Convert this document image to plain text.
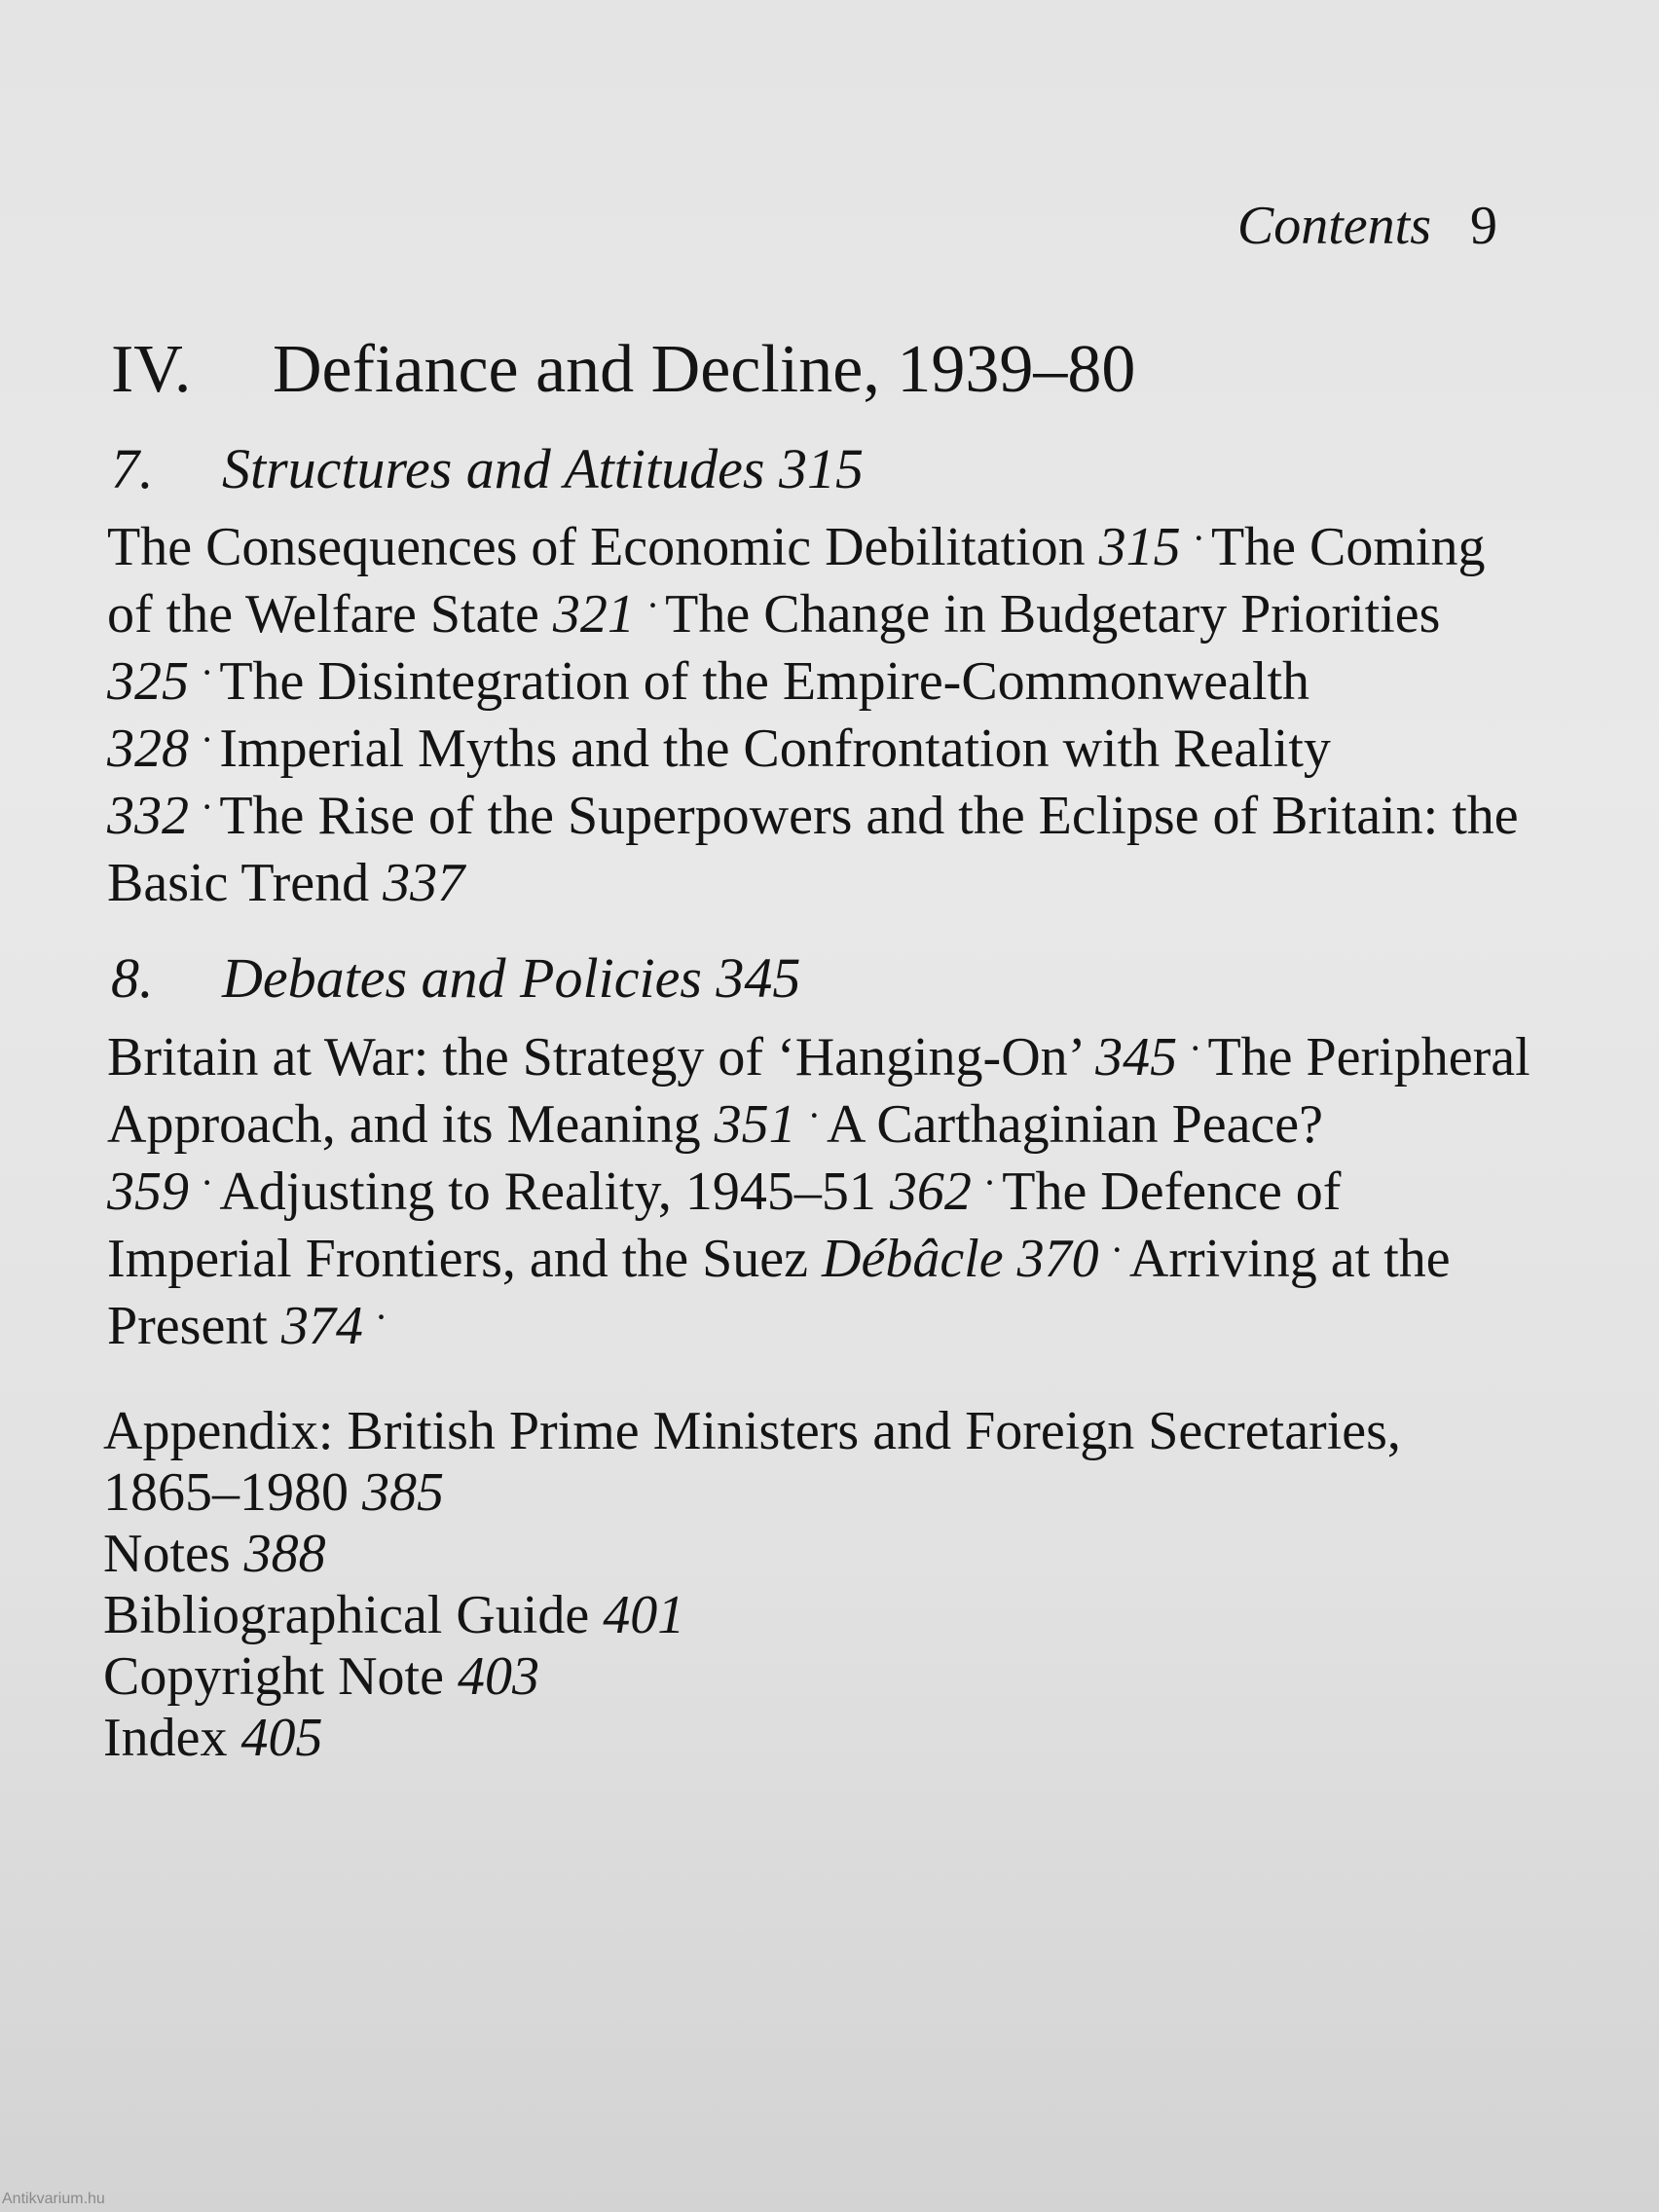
Contents 9
IV. Defiance and Decline, 1939–80
7. Structures and Attitudes 315
The Consequences of Economic Debilitation 315 · The Coming of the Welfare State 321 · The Change in Budgetary Priorities 325 · The Disintegration of the Empire-Commonwealth 328 · Imperial Myths and the Confrontation with Reality 332 · The Rise of the Superpowers and the Eclipse of Britain: the Basic Trend 337
8. Debates and Policies 345
Britain at War: the Strategy of ‘Hanging-On’ 345 · The Peripheral Approach, and its Meaning 351 · A Carthaginian Peace? 359 · Adjusting to Reality, 1945–51 362 · The Defence of Imperial Frontiers, and the Suez Débâcle 370 · Arriving at the Present 374 ·
Appendix: British Prime Ministers and Foreign Secretaries,
1865–1980 385
Notes 388
Bibliographical Guide 401
Copyright Note 403
Index 405
Antikvarium.hu
